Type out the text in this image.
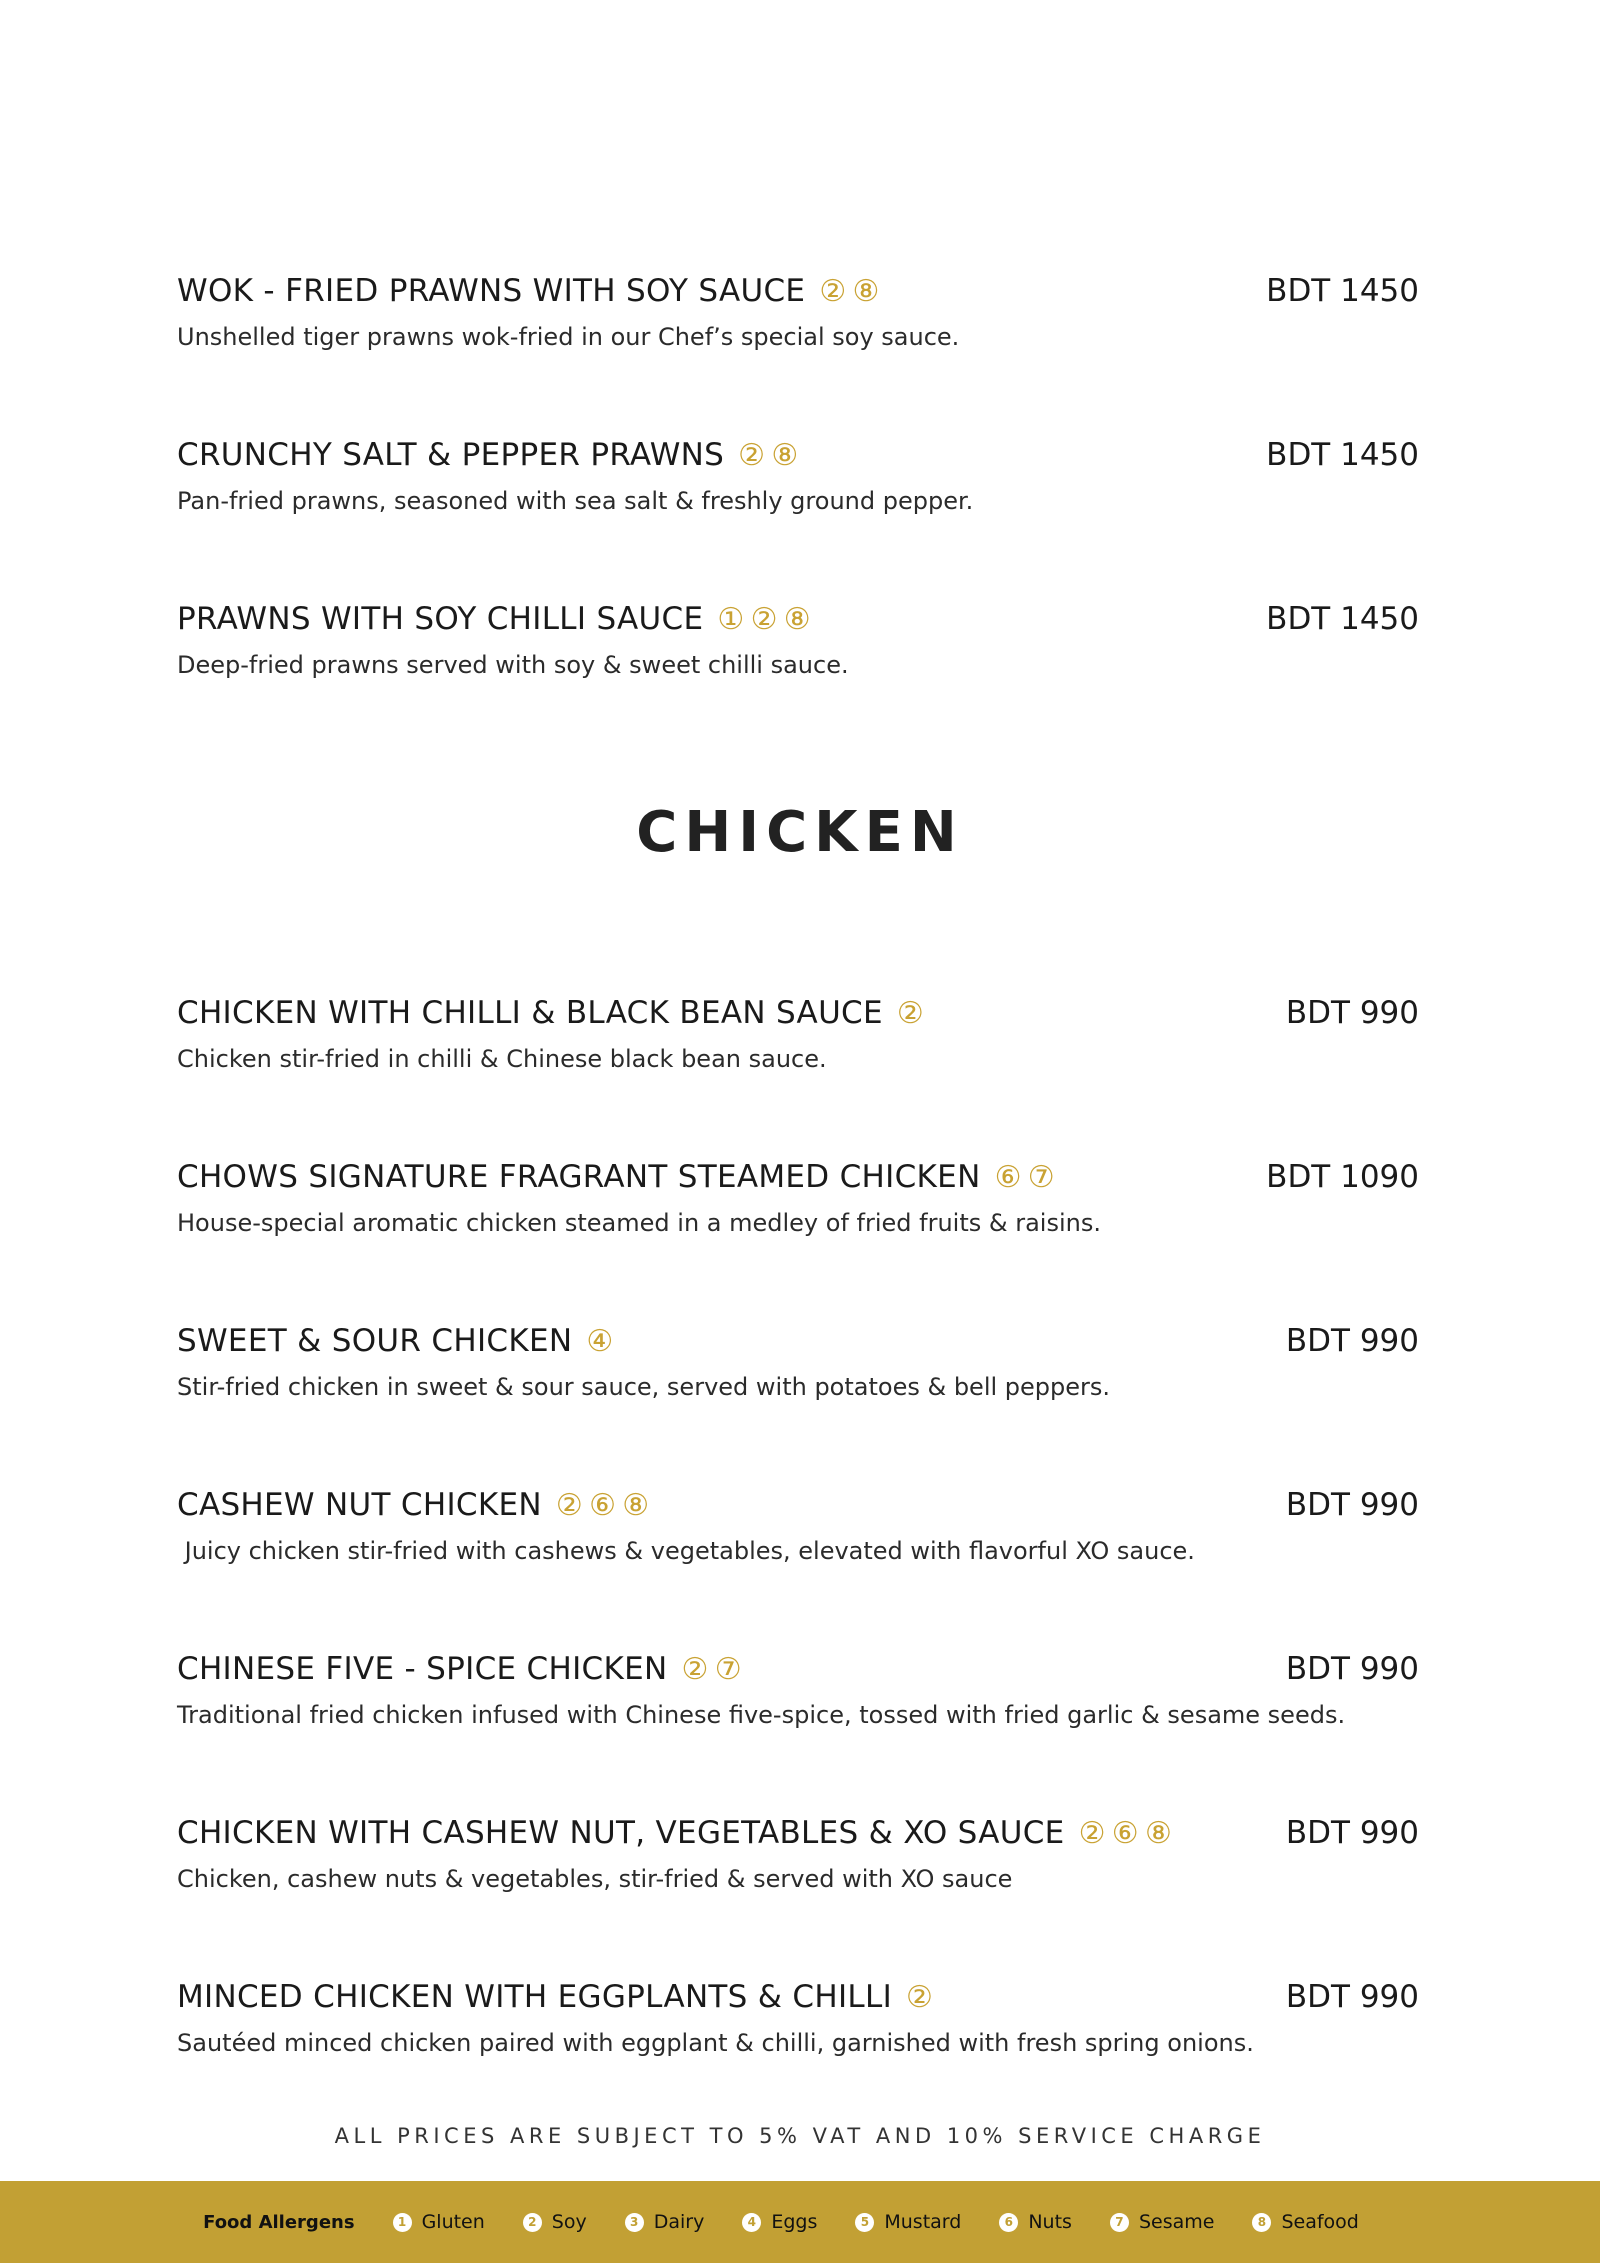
WOK - FRIED PRAWNS WITH SOY SAUCE ② ⑧	BDT 1450
Unshelled tiger prawns wok-fried in our Chef’s special soy sauce.
CRUNCHY SALT & PEPPER PRAWNS ② ⑧	BDT 1450
Pan-fried prawns, seasoned with sea salt & freshly ground pepper.
PRAWNS WITH SOY CHILLI SAUCE ① ② ⑧	BDT 1450
Deep-fried prawns served with soy & sweet chilli sauce.
CHICKEN
CHICKEN WITH CHILLI & BLACK BEAN SAUCE ②	BDT 990
Chicken stir-fried in chilli & Chinese black bean sauce.
CHOWS SIGNATURE FRAGRANT STEAMED CHICKEN ⑥ ⑦	BDT 1090
House-special aromatic chicken steamed in a medley of fried fruits & raisins.
SWEET & SOUR CHICKEN ④	BDT 990
Stir-fried chicken in sweet & sour sauce, served with potatoes & bell peppers.
CASHEW NUT CHICKEN ② ⑥ ⑧	BDT 990
Juicy chicken stir-fried with cashews & vegetables, elevated with flavorful XO sauce.
CHINESE FIVE - SPICE CHICKEN ② ⑦	BDT 990
Traditional fried chicken infused with Chinese five-spice, tossed with fried garlic & sesame seeds.
CHICKEN WITH CASHEW NUT, VEGETABLES & XO SAUCE ② ⑥ ⑧	BDT 990
Chicken, cashew nuts & vegetables, stir-fried & served with XO sauce
MINCED CHICKEN WITH EGGPLANTS & CHILLI ②	BDT 990
Sautéed minced chicken paired with eggplant & chilli, garnished with fresh spring onions.
ALL PRICES ARE SUBJECT TO 5% VAT AND 10% SERVICE CHARGE
Food Allergens	1 Gluten	2 Soy	3 Dairy	4 Eggs	5 Mustard	6 Nuts	7 Sesame	8 Seafood
